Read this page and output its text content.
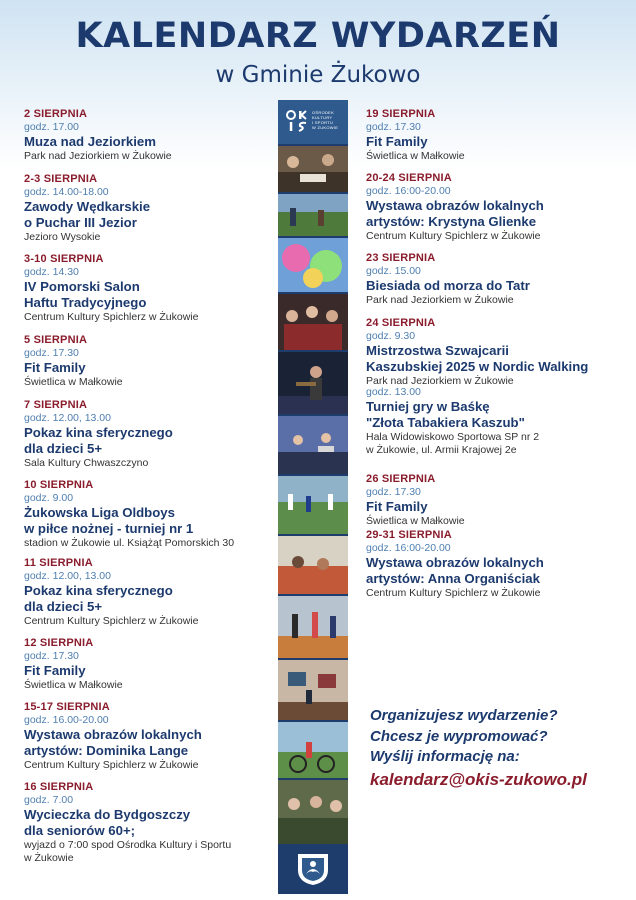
KALENDARZ WYDARZEŃ
w Gminie Żukowo
2 SIERPNIA
godz. 17.00
Muza nad Jeziorkiem
Park nad Jeziorkiem w Żukowie
2-3 SIERPNIA
godz. 14.00-18.00
Zawody Wędkarskie
o Puchar III Jezior
Jezioro Wysokie
3-10 SIERPNIA
godz. 14.30
IV Pomorski Salon
Haftu Tradycyjnego
Centrum Kultury Spichlerz w Żukowie
5 SIERPNIA
godz. 17.30
Fit Family
Świetlica w Małkowie
7 SIERPNIA
godz. 12.00, 13.00
Pokaz kina sferycznego
dla dzieci 5+
Sala Kultury Chwaszczyno
10 SIERPNIA
godz. 9.00
Żukowska Liga Oldboys
w piłce nożnej - turniej nr 1
stadion w Żukowie ul. Książąt Pomorskich 30
11 SIERPNIA
godz. 12.00, 13.00
Pokaz kina sferycznego
dla dzieci 5+
Centrum Kultury Spichlerz w Żukowie
12 SIERPNIA
godz. 17.30
Fit Family
Świetlica w Małkowie
15-17 SIERPNIA
godz. 16.00-20.00
Wystawa obrazów lokalnych
artystów: Dominika Lange
Centrum Kultury Spichlerz w Żukowie
16 SIERPNIA
godz. 7.00
Wycieczka do Bydgoszczy
dla seniorów 60+;
wyjazd o 7:00 spod Ośrodka Kultury i Sportu
w Żukowie
OŚRODEK
KULTURY
I SPORTU
W ŻUKOWIE
19 SIERPNIA
godz. 17.30
Fit Family
Świetlica w Małkowie
20-24 SIERPNIA
godz. 16:00-20.00
Wystawa obrazów lokalnych
artystów: Krystyna Glienke
Centrum Kultury Spichlerz w Żukowie
23 SIERPNIA
godz. 15.00
Biesiada od morza do Tatr
Park nad Jeziorkiem w Żukowie
24 SIERPNIA
godz. 9.30
Mistrzostwa Szwajcarii
Kaszubskiej 2025 w Nordic Walking
Park nad Jeziorkiem w Żukowie
godz. 13.00
Turniej gry w Baśkę
"Złota Tabakiera Kaszub"
Hala Widowiskowo Sportowa SP nr 2
w Żukowie, ul. Armii Krajowej 2e
26 SIERPNIA
godz. 17.30
Fit Family
Świetlica w Małkowie
29-31 SIERPNIA
godz. 16:00-20.00
Wystawa obrazów lokalnych
artystów: Anna Organiściak
Centrum Kultury Spichlerz w Żukowie
Organizujesz wydarzenie?
Chcesz je wypromować?
Wyślij informację na:
kalendarz@okis-zukowo.pl
